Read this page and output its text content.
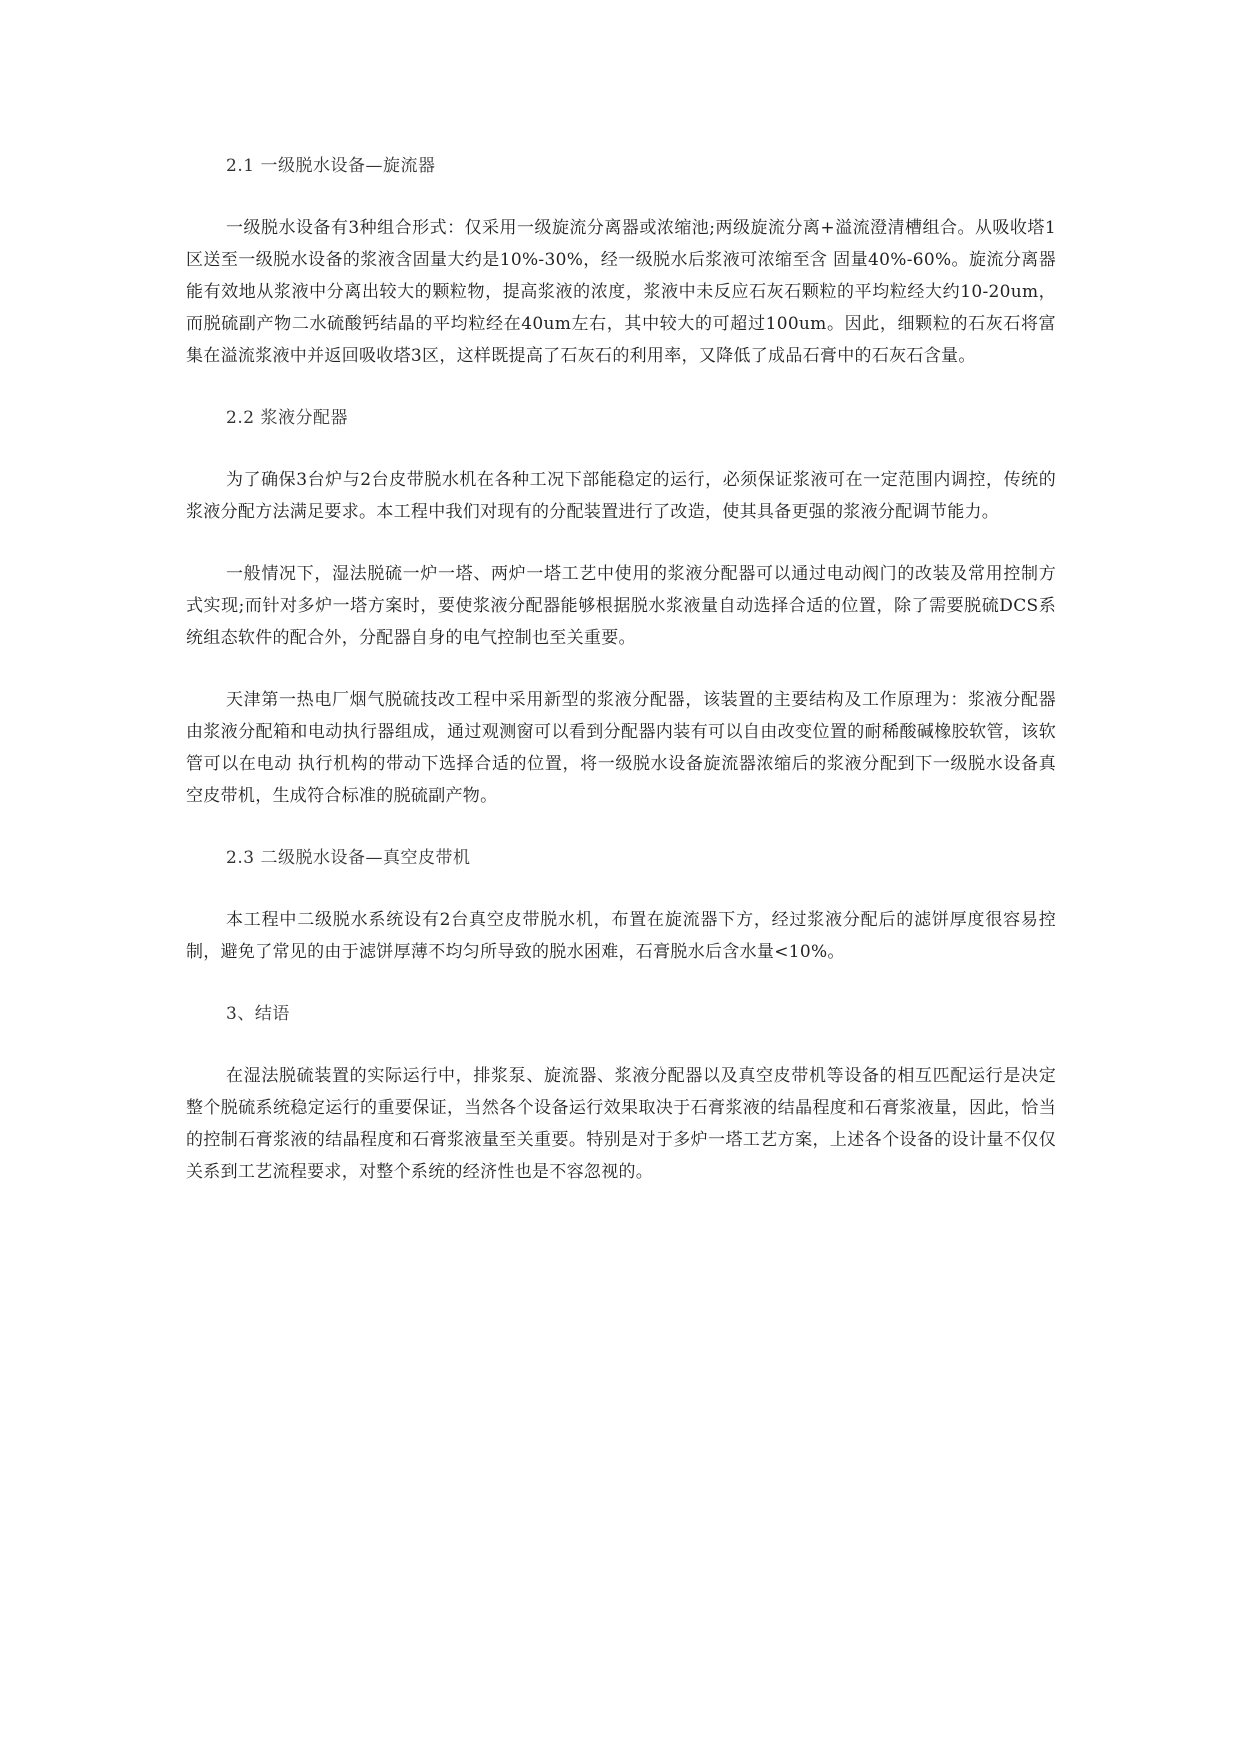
2.1 一级脱水设备—旋流器

一级脱水设备有3种组合形式：仅采用一级旋流分离器或浓缩池;两级旋流分离+溢流澄清槽组合。从吸收塔1区送至一级脱水设备的浆液含固量大约是10%-30%，经一级脱水后浆液可浓缩至含 固量40%-60%。旋流分离器能有效地从浆液中分离出较大的颗粒物，提高浆液的浓度，浆液中未反应石灰石颗粒的平均粒经大约10-20um，而脱硫副产物二水硫酸钙结晶的平均粒经在40um左右，其中较大的可超过100um。因此，细颗粒的石灰石将富集在溢流浆液中并返回吸收塔3区，这样既提高了石灰石的利用率，又降低了成品石膏中的石灰石含量。

2.2 浆液分配器

为了确保3台炉与2台皮带脱水机在各种工况下部能稳定的运行，必须保证浆液可在一定范围内调控，传统的浆液分配方法满足要求。本工程中我们对现有的分配装置进行了改造，使其具备更强的浆液分配调节能力。

一般情况下，湿法脱硫一炉一塔、两炉一塔工艺中使用的浆液分配器可以通过电动阀门的改装及常用控制方式实现;而针对多炉一塔方案时，要使浆液分配器能够根据脱水浆液量自动选择合适的位置，除了需要脱硫DCS系统组态软件的配合外，分配器自身的电气控制也至关重要。

天津第一热电厂烟气脱硫技改工程中采用新型的浆液分配器，该装置的主要结构及工作原理为：浆液分配器由浆液分配箱和电动执行器组成，通过观测窗可以看到分配器内装有可以自由改变位置的耐稀酸碱橡胶软管，该软管可以在电动 执行机构的带动下选择合适的位置，将一级脱水设备旋流器浓缩后的浆液分配到下一级脱水设备真空皮带机，生成符合标准的脱硫副产物。

2.3 二级脱水设备—真空皮带机

本工程中二级脱水系统设有2台真空皮带脱水机，布置在旋流器下方，经过浆液分配后的滤饼厚度很容易控制，避免了常见的由于滤饼厚薄不均匀所导致的脱水困难，石膏脱水后含水量<10%。

3、结语

在湿法脱硫装置的实际运行中，排浆泵、旋流器、浆液分配器以及真空皮带机等设备的相互匹配运行是决定整个脱硫系统稳定运行的重要保证，当然各个设备运行效果取决于石膏浆液的结晶程度和石膏浆液量，因此，恰当的控制石膏浆液的结晶程度和石膏浆液量至关重要。特别是对于多炉一塔工艺方案，上述各个设备的设计量不仅仅关系到工艺流程要求，对整个系统的经济性也是不容忽视的。
